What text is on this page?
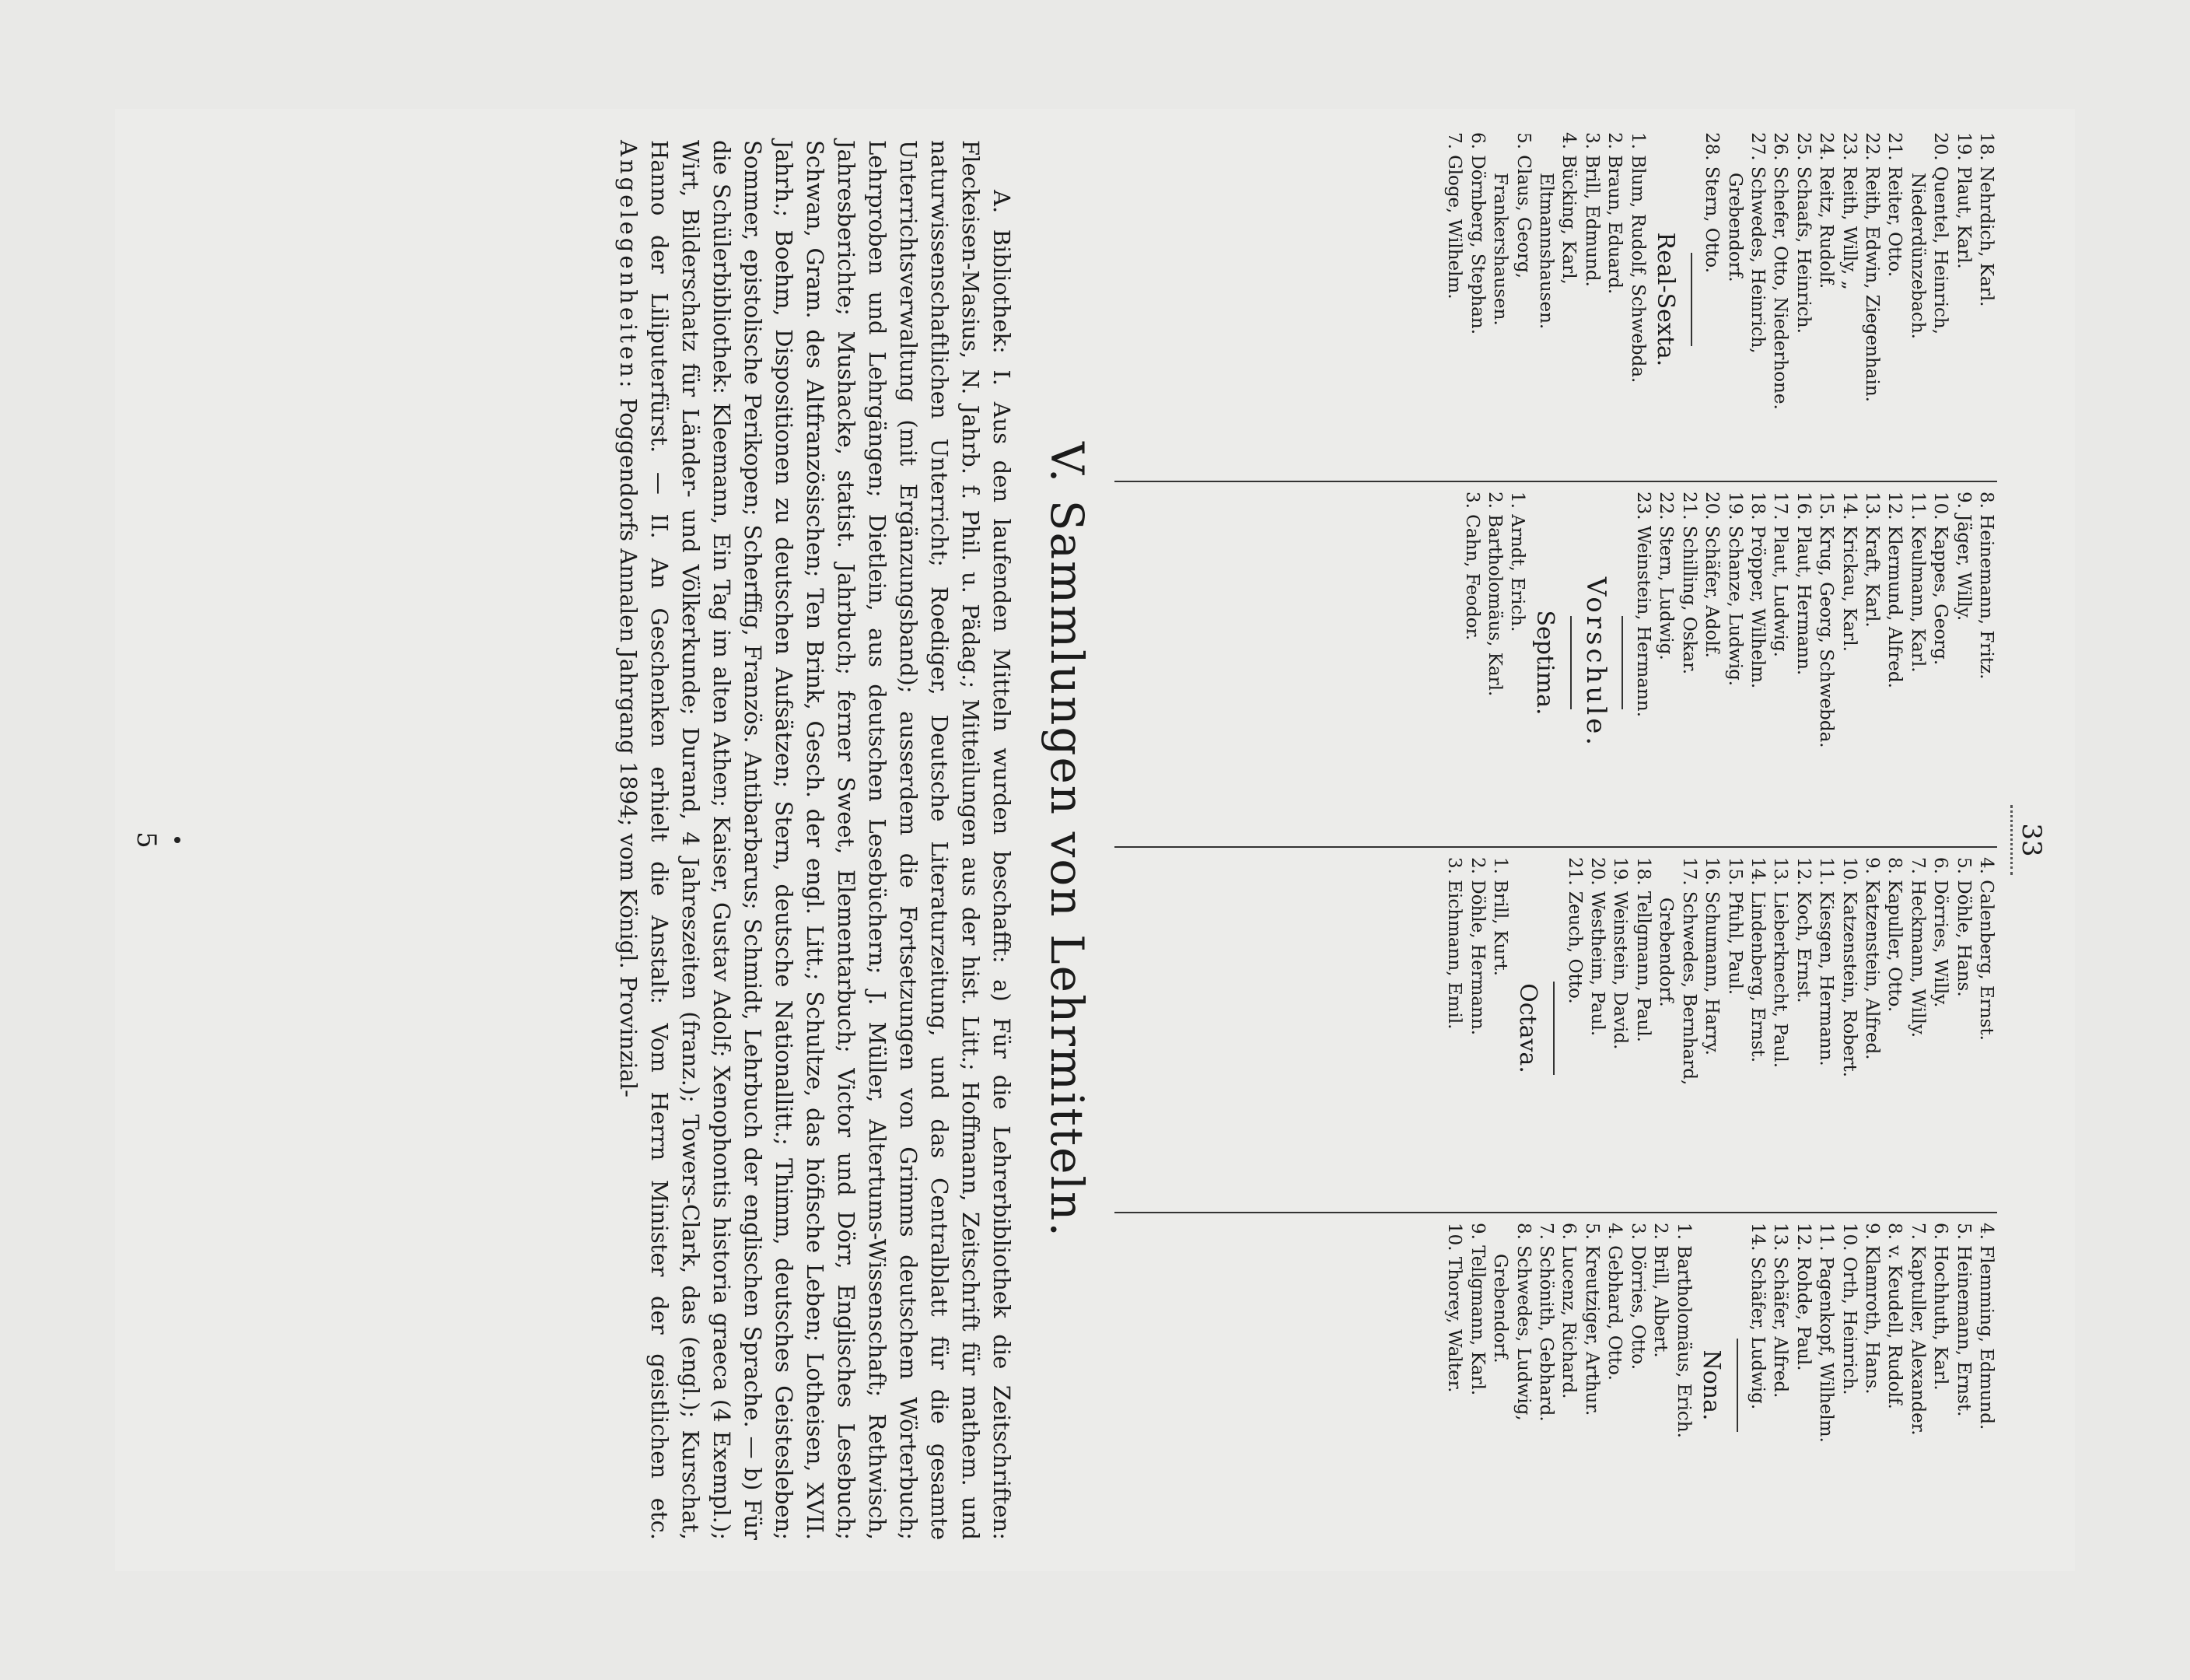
33
18. Nehrdich, Karl.
19. Plaut, Karl.
20. Quentel, Heinrich,
Niederdünzebach.
21. Reiter, Otto.
22. Reith, Edwin, Ziegenhain.
23. Reith, Willy, „
24. Reitz, Rudolf.
25. Schaafs, Heinrich.
26. Schefer, Otto, Niederhone.
27. Schwedes, Heinrich,
Grebendorf.
28. Stern, Otto.
Real-Sexta.
1. Blum, Rudolf, Schwebda.
2. Braun, Eduard.
3. Brill, Edmund.
4. Bücking, Karl,
Eltmannshausen.
5. Claus, Georg,
Frankershausen.
6. Dörnberg, Stephan.
7. Gloge, Wilhelm.
8. Heinemann, Fritz.
9. Jäger, Willy.
10. Kappes, Georg.
11. Keulmann, Karl.
12. Klermund, Alfred.
13. Kraft, Karl.
14. Krickau, Karl.
15. Krug, Georg, Schwebda.
16. Plaut, Hermann.
17. Plaut, Ludwig.
18. Pröpper, Wilhelm.
19. Schanze, Ludwig.
20. Schäfer, Adolf.
21. Schilling, Oskar.
22. Stern, Ludwig.
23. Weinstein, Hermann.
Vorschule.
Septima.
1. Arndt, Erich.
2. Bartholomäus, Karl.
3. Cahn, Feodor.
4. Calenberg, Ernst.
5. Döhle, Hans.
6. Dörries, Willy.
7. Heckmann, Willy.
8. Kapuller, Otto.
9. Katzenstein, Alfred.
10. Katzenstein, Robert.
11. Kiesgen, Hermann.
12. Koch, Ernst.
13. Lieberknecht, Paul.
14. Lindenberg, Ernst.
15. Pfuhl, Paul.
16. Schumann, Harry.
17. Schwedes, Bernhard,
Grebendorf.
18. Tellgmann, Paul.
19. Weinstein, David.
20. Westheim, Paul.
21. Zeuch, Otto.
Octava.
1. Brill, Kurt.
2. Döhle, Hermann.
3. Eichmann, Emil.
4. Flemming, Edmund.
5. Heinemann, Ernst.
6. Hochhuth, Karl.
7. Kaptuller, Alexander.
8. v. Keudell, Rudolf.
9. Klamroth, Hans.
10. Orth, Heinrich.
11. Pagenkopf, Wilhelm.
12. Rohde, Paul.
13. Schäfer, Alfred.
14. Schäfer, Ludwig.
Nona.
1. Bartholomäus, Erich.
2. Brill, Albert.
3. Dörries, Otto.
4. Gebhard, Otto.
5. Kreutziger, Arthur.
6. Lucenz, Richard.
7. Schönith, Gebhard.
8. Schwedes, Ludwig,
Grebendorf.
9. Tellgmann, Karl.
10. Thorey, Walter.
V. Sammlungen von Lehrmitteln.
A. Bibliothek: I. Aus den laufenden Mitteln wurden beschafft: a) Für die Lehrerbibliothek die Zeitschriften: Fleckeisen-Masius, N. Jahrb. f. Phil. u. Pädag.; Mitteilungen aus der hist. Litt.; Hoffmann, Zeitschrift für mathem. und naturwissenschaftlichen Unterricht; Roediger, Deutsche Literaturzeitung, und das Centralblatt für die gesamte Unterrichtsverwaltung (mit Ergänzungsband); ausserdem die Fortsetzungen von Grimms deutschem Wörterbuch; Lehrproben und Lehrgängen; Dietlein, aus deutschen Lesebüchern; J. Müller, Altertums-Wissenschaft; Rethwisch, Jahresberichte; Mushacke, statist. Jahrbuch; ferner Sweet, Elementarbuch; Victor und Dörr, Englisches Lesebuch; Schwan, Gram. des Altfranzösischen; Ten Brink, Gesch. der engl. Litt.; Schultze, das höfische Leben; Lotheisen, XVII. Jahrh.; Boehm, Dispositionen zu deutschen Aufsätzen; Stern, deutsche Nationallitt.; Thimm, deutsches Geistesleben; Sommer, epistolische Perikopen; Scherffig, Französ. Antibarbarus; Schmidt, Lehrbuch der englischen Sprache. — b) Für die Schülerbibliothek: Kleemann, Ein Tag im alten Athen; Kaiser, Gustav Adolf; Xenophontis historia graeca (4 Exempl.); Wirt, Bilderschatz für Länder- und Völkerkunde; Durand, 4 Jahreszeiten (franz.); Towers-Clark, das (engl.); Kurschat, Hanno der Liliputerfürst. — II. An Geschenken erhielt die Anstalt: Vom Herrn Minister der geistlichen etc. Angelegenheiten: Poggendorfs Annalen Jahrgang 1894; vom Königl. Provinzial-
5
